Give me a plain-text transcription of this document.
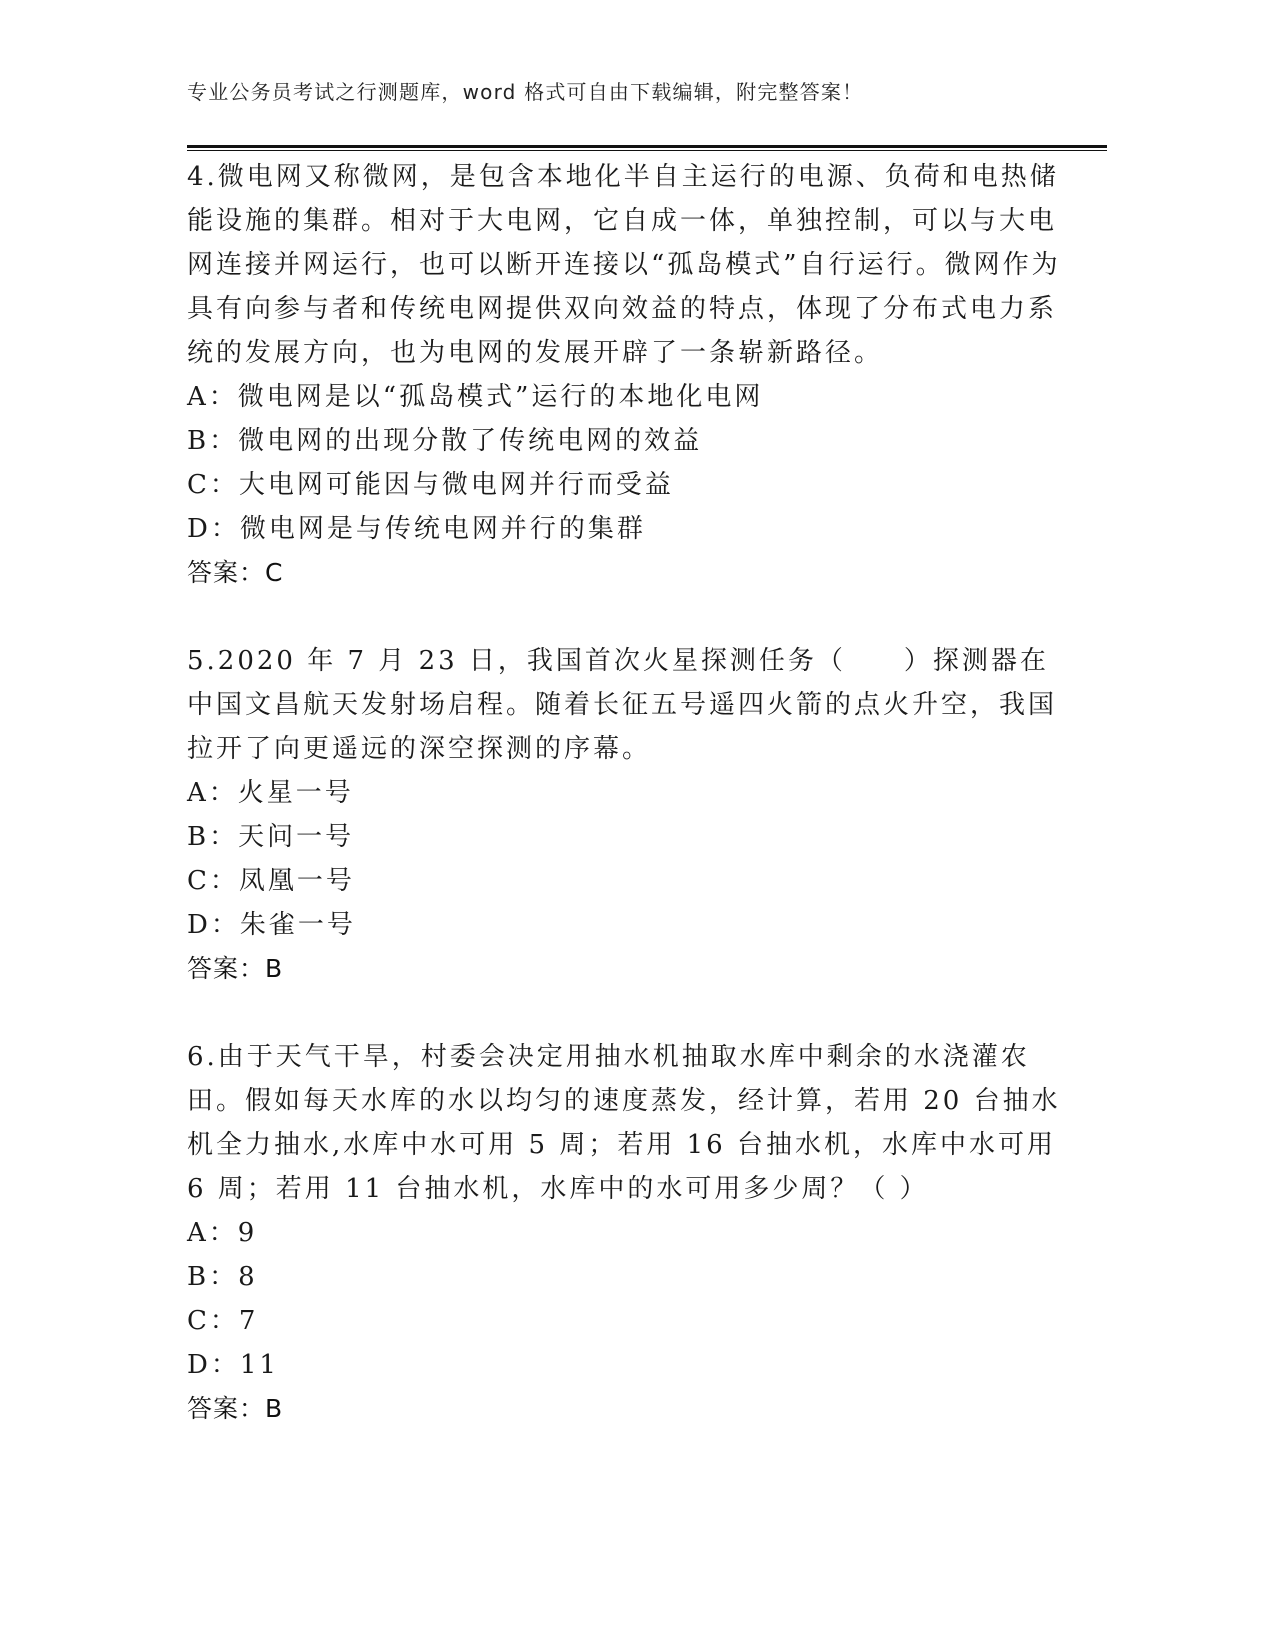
专业公务员考试之行测题库，word 格式可自由下载编辑，附完整答案！

4.微电网又称微网，是包含本地化半自主运行的电源、负荷和电热储能设施的集群。相对于大电网，它自成一体，单独控制，可以与大电网连接并网运行，也可以断开连接以“孤岛模式”自行运行。微网作为具有向参与者和传统电网提供双向效益的特点，体现了分布式电力系统的发展方向，也为电网的发展开辟了一条崭新路径。

A：微电网是以“孤岛模式”运行的本地化电网

B：微电网的出现分散了传统电网的效益

C：大电网可能因与微电网并行而受益

D：微电网是与传统电网并行的集群

答案：C

5.2020 年 7 月 23 日，我国首次火星探测任务（　　）探测器在中国文昌航天发射场启程。随着长征五号遥四火箭的点火升空，我国拉开了向更遥远的深空探测的序幕。

A：火星一号

B：天问一号

C：凤凰一号

D：朱雀一号

答案：B

6.由于天气干旱，村委会决定用抽水机抽取水库中剩余的水浇灌农田。假如每天水库的水以均匀的速度蒸发，经计算，若用 20 台抽水机全力抽水,水库中水可用 5 周；若用 16 台抽水机，水库中水可用 6 周；若用 11 台抽水机，水库中的水可用多少周？（ ）

A：9

B：8

C：7

D：11

答案：B
